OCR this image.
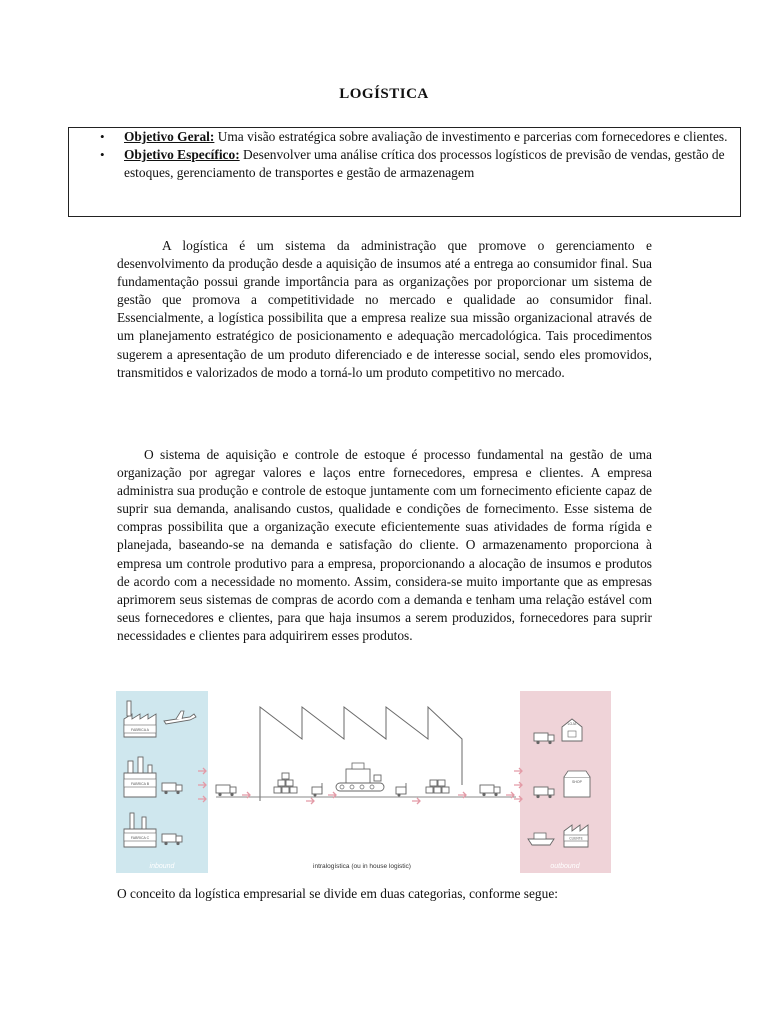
LOGÍSTICA
• Objetivo Geral: Uma visão estratégica sobre avaliação de investimento e parcerias com fornecedores e clientes.
• Objetivo Específico: Desenvolver uma análise crítica dos processos logísticos de previsão de vendas, gestão de estoques, gerenciamento de transportes e gestão de armazenagem

A logística é um sistema da administração que promove o gerenciamento e desenvolvimento da produção desde a aquisição de insumos até a entrega ao consumidor final. Sua fundamentação possui grande importância para as organizações por proporcionar um sistema de gestão que promova a competitividade no mercado e qualidade ao consumidor final. Essencialmente, a logística possibilita que a empresa realize sua missão organizacional através de um planejamento estratégico de posicionamento e adequação mercadológica. Tais procedimentos sugerem a apresentação de um produto diferenciado e de interesse social, sendo eles promovidos, transmitidos e valorizados de modo a torná-lo um produto competitivo no mercado.

O sistema de aquisição e controle de estoque é processo fundamental na gestão de uma organização por agregar valores e laços entre fornecedores, empresa e clientes. A empresa administra sua produção e controle de estoque juntamente com um fornecimento eficiente capaz de suprir sua demanda, analisando custos, qualidade e condições de fornecimento. Esse sistema de compras possibilita que a organização execute eficientemente suas atividades de forma rígida e planejada, baseando-se na demanda e satisfação do cliente. O armazenamento proporciona à empresa um controle produtivo para a empresa, proporcionando a alocação de insumos e produtos de acordo com a necessidade no momento. Assim, considera-se muito importante que as empresas aprimorem seus sistemas de compras de acordo com a demanda e tenham uma relação estável com seus fornecedores e clientes, para que haja insumos a serem produzidos, fornecedores para suprir necessidades e clientes para adquirirem esses produtos.

FABRICA A
FABRICA B
FABRICA C
inbound
LOJA
SHOP
CLIENTE
intralogística (ou in house logistic)	outbound

O conceito da logística empresarial se divide em duas categorias, conforme segue:
